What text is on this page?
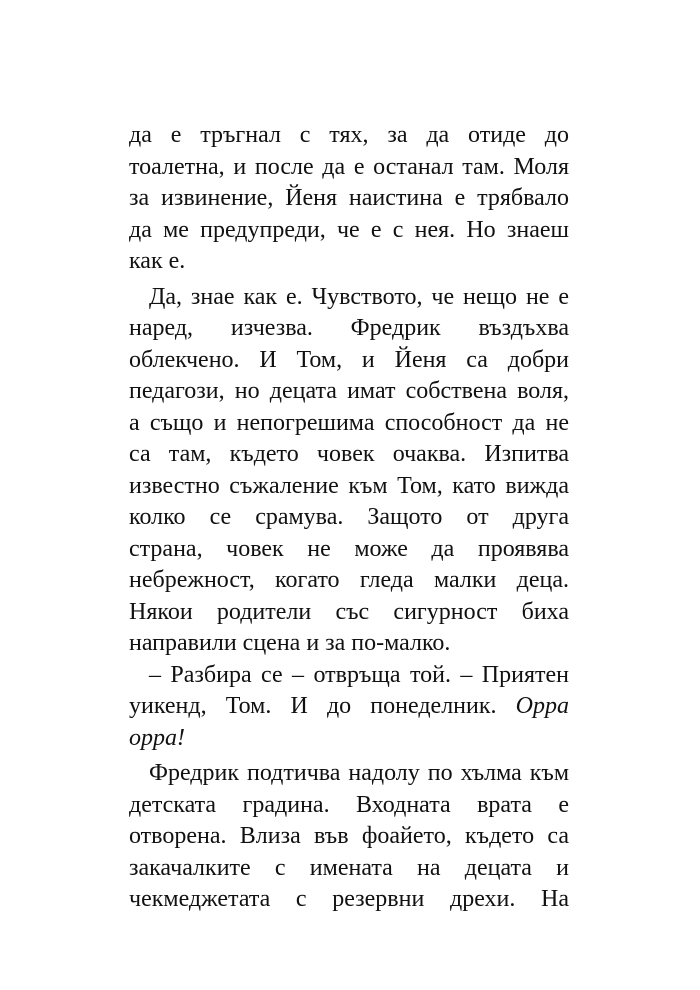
да е тръгнал с тях, за да отиде до
тоалетна, и после да е останал там. Моля
за извинение, Йеня наистина е трябвало
да ме предупреди, че е с нея. Но знаеш
как е.
Да, знае как е. Чувството, че нещо не е
наред, изчезва. Фредрик въздъхва
облекчено. И Том, и Йеня са добри
педагози, но децата имат собствена воля,
а също и непогрешима способност да не
са там, където човек очаква. Изпитва
известно съжаление към Том, като вижда
колко се срамува. Защото от друга
страна, човек не може да проявява
небрежност, когато гледа малки деца.
Някои родители със сигурност биха
направили сцена и за по-малко.
– Разбира се – отвръща той. – Приятен
уикенд, Том. И до понеделник. Oppa
oppa!
Фредрик подтичва надолу по хълма към
детската градина. Входната врата е
отворена. Влиза във фоайето, където са
закачалките с имената на децата и
чекмеджетата с резервни дрехи. На
